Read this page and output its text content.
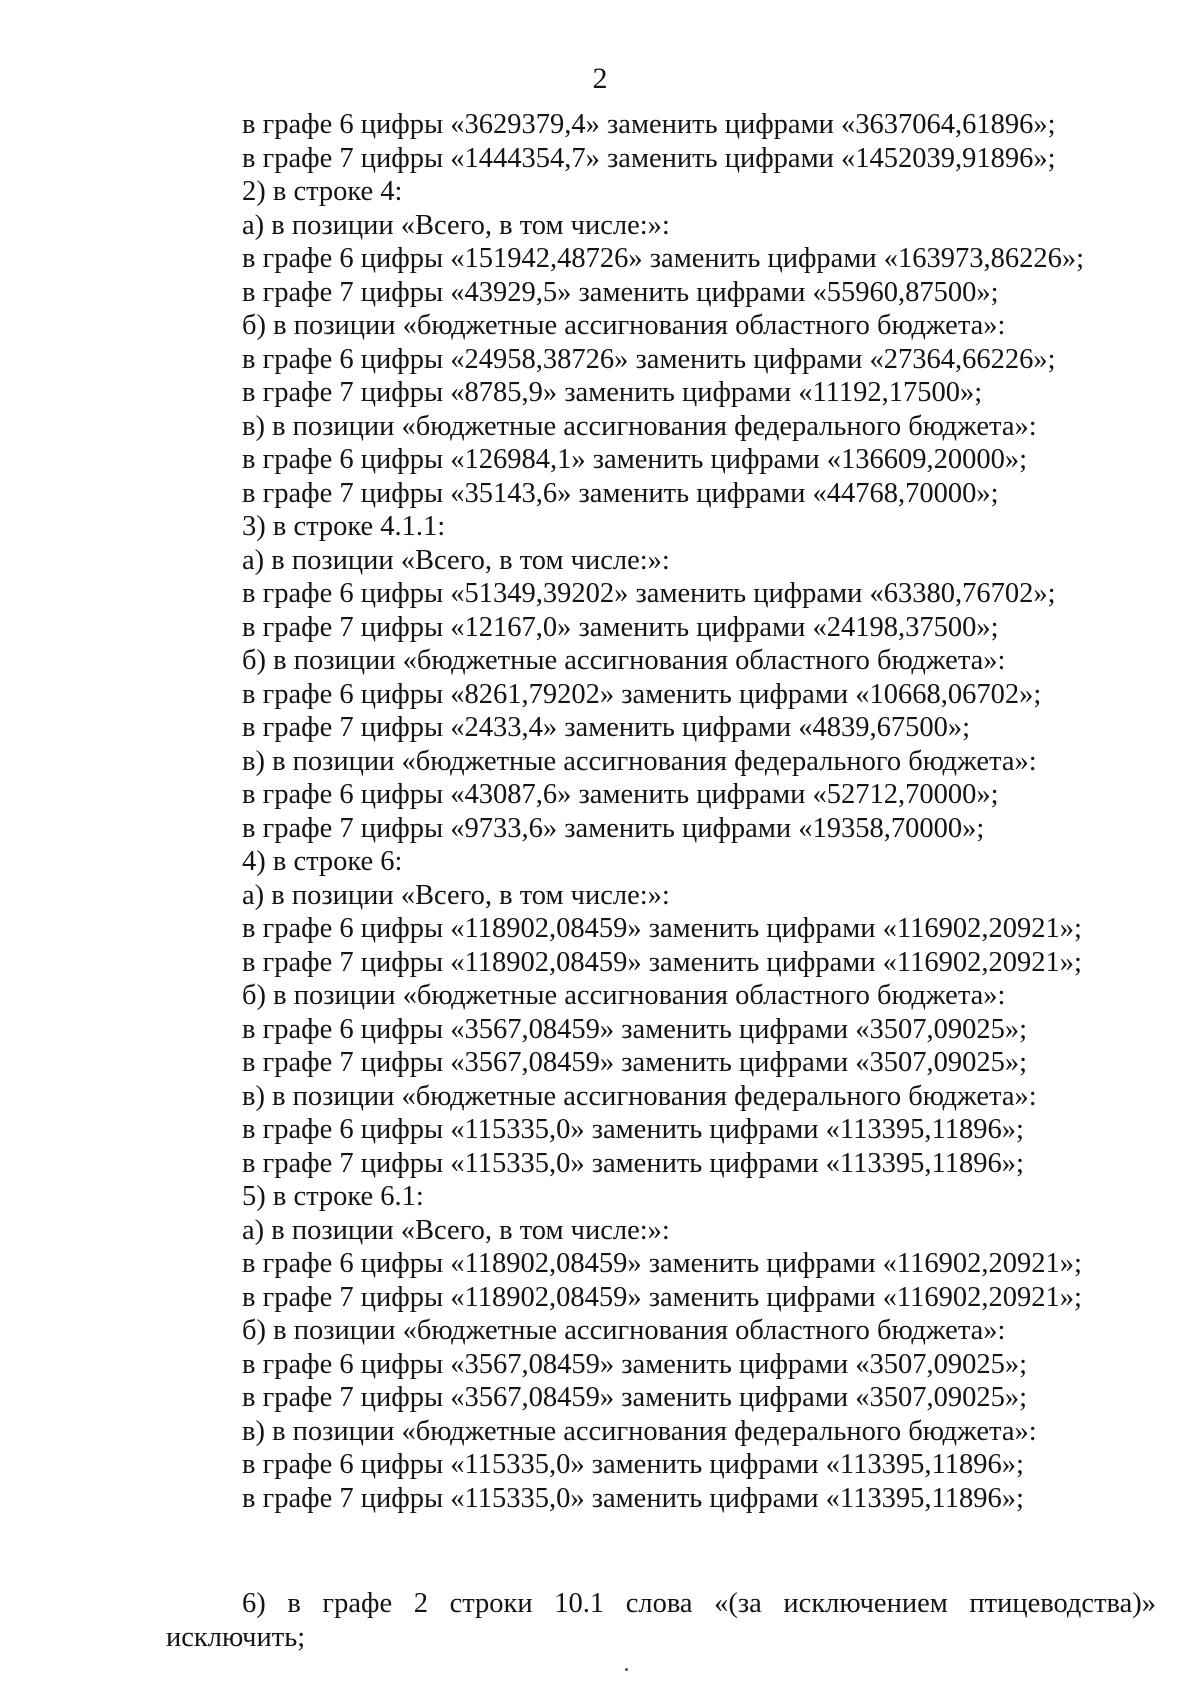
2
в графе 6 цифры «3629379,4» заменить цифрами «3637064,61896»;
в графе 7 цифры «1444354,7» заменить цифрами «1452039,91896»;
2) в строке 4:
а) в позиции «Всего, в том числе:»:
в графе 6 цифры «151942,48726» заменить цифрами «163973,86226»;
в графе 7 цифры «43929,5» заменить цифрами «55960,87500»;
б) в позиции «бюджетные ассигнования областного бюджета»:
в графе 6 цифры «24958,38726» заменить цифрами «27364,66226»;
в графе 7 цифры «8785,9» заменить цифрами «11192,17500»;
в) в позиции «бюджетные ассигнования федерального бюджета»:
в графе 6 цифры «126984,1» заменить цифрами «136609,20000»;
в графе 7 цифры «35143,6» заменить цифрами «44768,70000»;
3) в строке 4.1.1:
а) в позиции «Всего, в том числе:»:
в графе 6 цифры «51349,39202» заменить цифрами «63380,76702»;
в графе 7 цифры «12167,0» заменить цифрами «24198,37500»;
б) в позиции «бюджетные ассигнования областного бюджета»:
в графе 6 цифры «8261,79202» заменить цифрами «10668,06702»;
в графе 7 цифры «2433,4» заменить цифрами «4839,67500»;
в) в позиции «бюджетные ассигнования федерального бюджета»:
в графе 6 цифры «43087,6» заменить цифрами «52712,70000»;
в графе 7 цифры «9733,6» заменить цифрами «19358,70000»;
4) в строке 6:
а) в позиции «Всего, в том числе:»:
в графе 6 цифры «118902,08459» заменить цифрами «116902,20921»;
в графе 7 цифры «118902,08459» заменить цифрами «116902,20921»;
б) в позиции «бюджетные ассигнования областного бюджета»:
в графе 6 цифры «3567,08459» заменить цифрами «3507,09025»;
в графе 7 цифры «3567,08459» заменить цифрами «3507,09025»;
в) в позиции «бюджетные ассигнования федерального бюджета»:
в графе 6 цифры «115335,0» заменить цифрами «113395,11896»;
в графе 7 цифры «115335,0» заменить цифрами «113395,11896»;
5) в строке 6.1:
а) в позиции «Всего, в том числе:»:
в графе 6 цифры «118902,08459» заменить цифрами «116902,20921»;
в графе 7 цифры «118902,08459» заменить цифрами «116902,20921»;
б) в позиции «бюджетные ассигнования областного бюджета»:
в графе 6 цифры «3567,08459» заменить цифрами «3507,09025»;
в графе 7 цифры «3567,08459» заменить цифрами «3507,09025»;
в) в позиции «бюджетные ассигнования федерального бюджета»:
в графе 6 цифры «115335,0» заменить цифрами «113395,11896»;
в графе 7 цифры «115335,0» заменить цифрами «113395,11896»;
6) в графе 2 строки 10.1 слова «(за исключением птицеводства)»
исключить;
